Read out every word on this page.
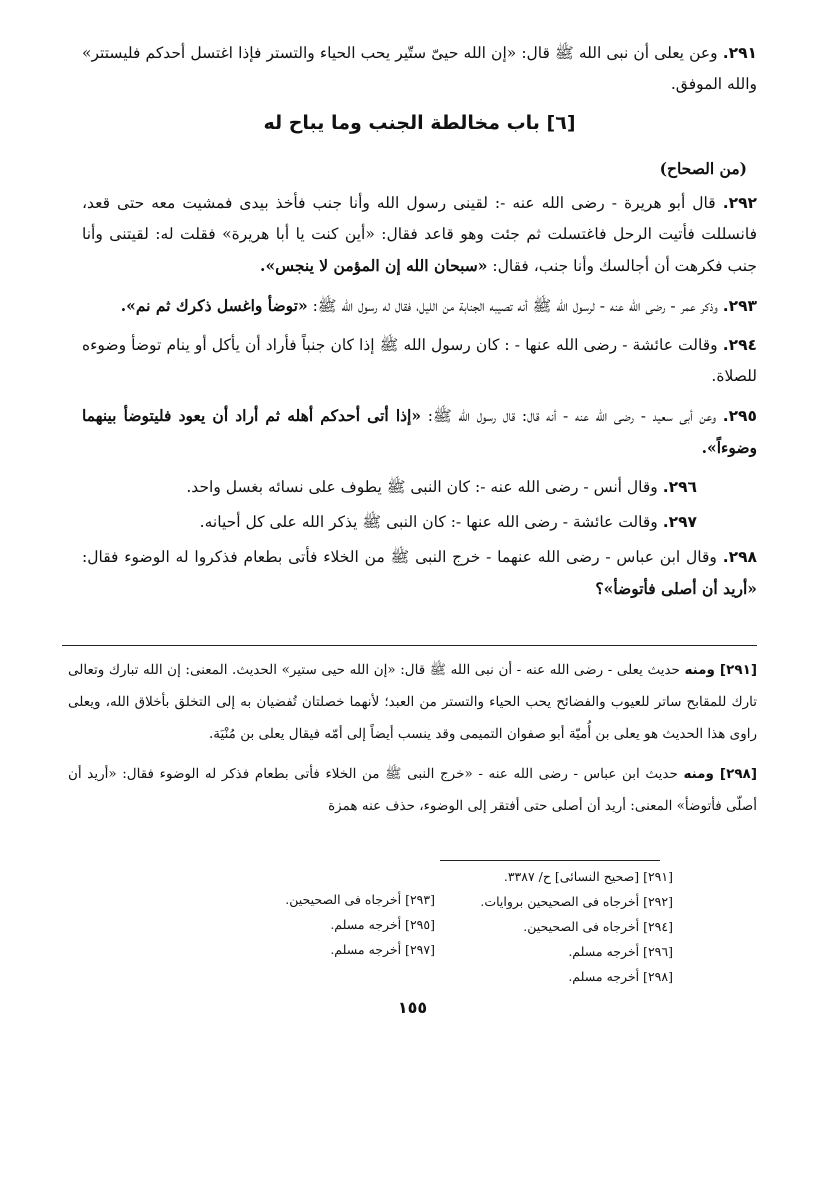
٢٩١. وعن يعلى أن نبى الله ﷺ قال: «إن الله حيىّ ستّير يحب الحياء والتستر فإذا اغتسل أحدكم فليستتر» والله الموفق.

[٦] باب مخالطة الجنب وما يباح له
(من الصحاح)

٢٩٢. قال أبو هريرة - رضى الله عنه -: لقينى رسول الله وأنا جنب فأخذ بيدى فمشيت معه حتى قعد، فانسللت فأتيت الرحل فاغتسلت ثم جئت وهو قاعد فقال: «أين كنت يا أبا هريرة» فقلت له: لقيتنى وأنا جنب فكرهت أن أجالسك وأنا جنب، فقال: «سبحان الله إن المؤمن لا ينجس».

٢٩٣. وذكر عمر - رضى الله عنه - لرسول الله ﷺ أنه تصيبه الجنابة من الليل، فقال له رسول الله ﷺ: «توضأ واغسل ذكرك ثم نم».

٢٩٤. وقالت عائشة - رضى الله عنها - : كان رسول الله ﷺ إذا كان جنباً فأراد أن يأكل أو ينام توضأ وضوءه للصلاة.

٢٩٥. وعن أبى سعيد - رضى الله عنه - أنه قال: قال رسول الله ﷺ: «إذا أتى أحدكم أهله ثم أراد أن يعود فليتوضأ بينهما وضوءاً».

٢٩٦. وقال أنس - رضى الله عنه -: كان النبى ﷺ يطوف على نسائه بغسل واحد.

٢٩٧. وقالت عائشة - رضى الله عنها -: كان النبى ﷺ يذكر الله على كل أحيانه.

٢٩٨. وقال ابن عباس - رضى الله عنهما - خرج النبى ﷺ من الخلاء فأتى بطعام فذكروا له الوضوء فقال: «أريد أن أصلى فأتوضأ»؟

[٢٩١] ومنه حديث يعلى - رضى الله عنه - أن نبى الله ﷺ قال: «إن الله حيى ستير» الحديث. المعنى: إن الله تبارك وتعالى تارك للمقابح ساتر للعيوب والفضائح يحب الحياء والتستر من العبد؛ لأنهما خصلتان تُفضيان به إلى التخلق بأخلاق الله، ويعلى راوى هذا الحديث هو يعلى بن أُميّة أبو صفوان التميمى وقد ينسب أيضاً إلى أمّه فيقال يعلى بن مُنْيَة.

[٢٩٨] ومنه حديث ابن عباس - رضى الله عنه - «خرج النبى ﷺ من الخلاء فأتى بطعام فذكر له الوضوء فقال: «أريد أن أصلّى فأتوضأ» المعنى: أريد أن أصلى حتى أفتقر إلى الوضوء، حذف عنه همزة

[٢٩١] [صحيح النسائى] ح/ ٣٣٨٧.
[٢٩٢] أخرجاه فى الصحيحين بروايات.
[٢٩٤] أخرجاه فى الصحيحين.
[٢٩٦] أخرجه مسلم.
[٢٩٨] أخرجه مسلم.
[٢٩٣] أخرجاه فى الصحيحين.
[٢٩٥] أخرجه مسلم.
[٢٩٧] أخرجه مسلم.
١٥٥
